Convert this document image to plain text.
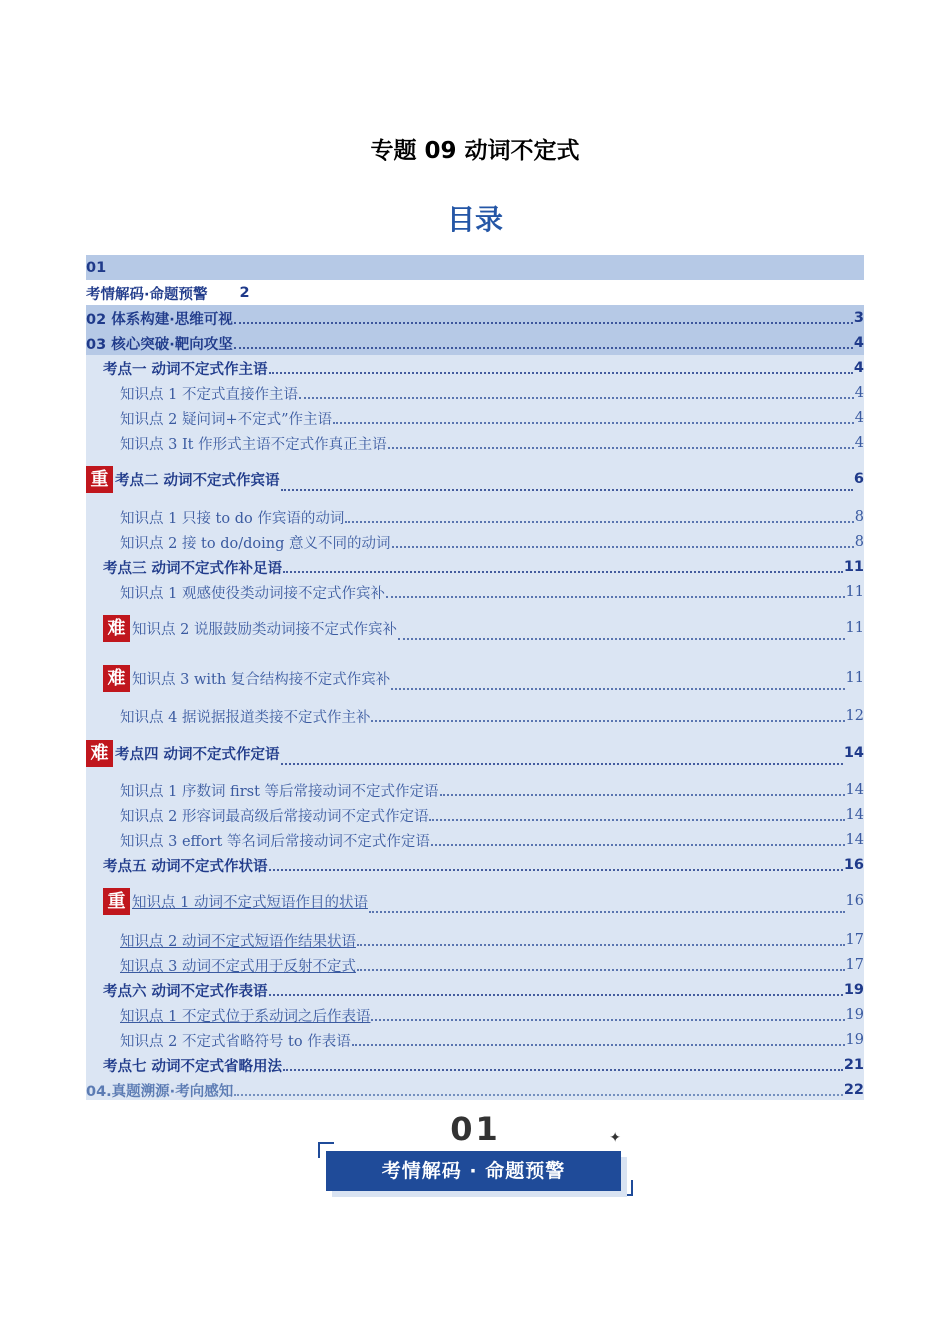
专题 09 动词不定式
目录
01
考情解码·命题预警 2
02 体系构建·思维可视	3
03 核心突破·靶向攻坚	4
考点一 动词不定式作主语	4
知识点 1 不定式直接作主语	4
知识点 2 疑问词+不定式”作主语	4
知识点 3 It 作形式主语不定式作真正主语	4
重 考点二 动词不定式作宾语	6
知识点 1 只接 to do 作宾语的动词	8
知识点 2 接 to do/doing 意义不同的动词	8
考点三 动词不定式作补足语	11
知识点 1 观感使役类动词接不定式作宾补	11
难 知识点 2 说服鼓励类动词接不定式作宾补	11
难 知识点 3 with 复合结构接不定式作宾补	11
知识点 4 据说据报道类接不定式作主补	12
难 考点四 动词不定式作定语	14
知识点 1 序数词 first 等后常接动词不定式作定语	14
知识点 2 形容词最高级后常接动词不定式作定语	14
知识点 3 effort 等名词后常接动词不定式作定语	14
考点五 动词不定式作状语	16
重 知识点 1 动词不定式短语作目的状语	16
知识点 2 动词不定式短语作结果状语	17
知识点 3 动词不定式用于反射不定式	17
考点六 动词不定式作表语	19
知识点 1 不定式位于系动词之后作表语	19
知识点 2 不定式省略符号 to 作表语	19
考点七 动词不定式省略用法	21
04.真题溯源·考向感知	22
01	✦
考情解码 · 命题预警
